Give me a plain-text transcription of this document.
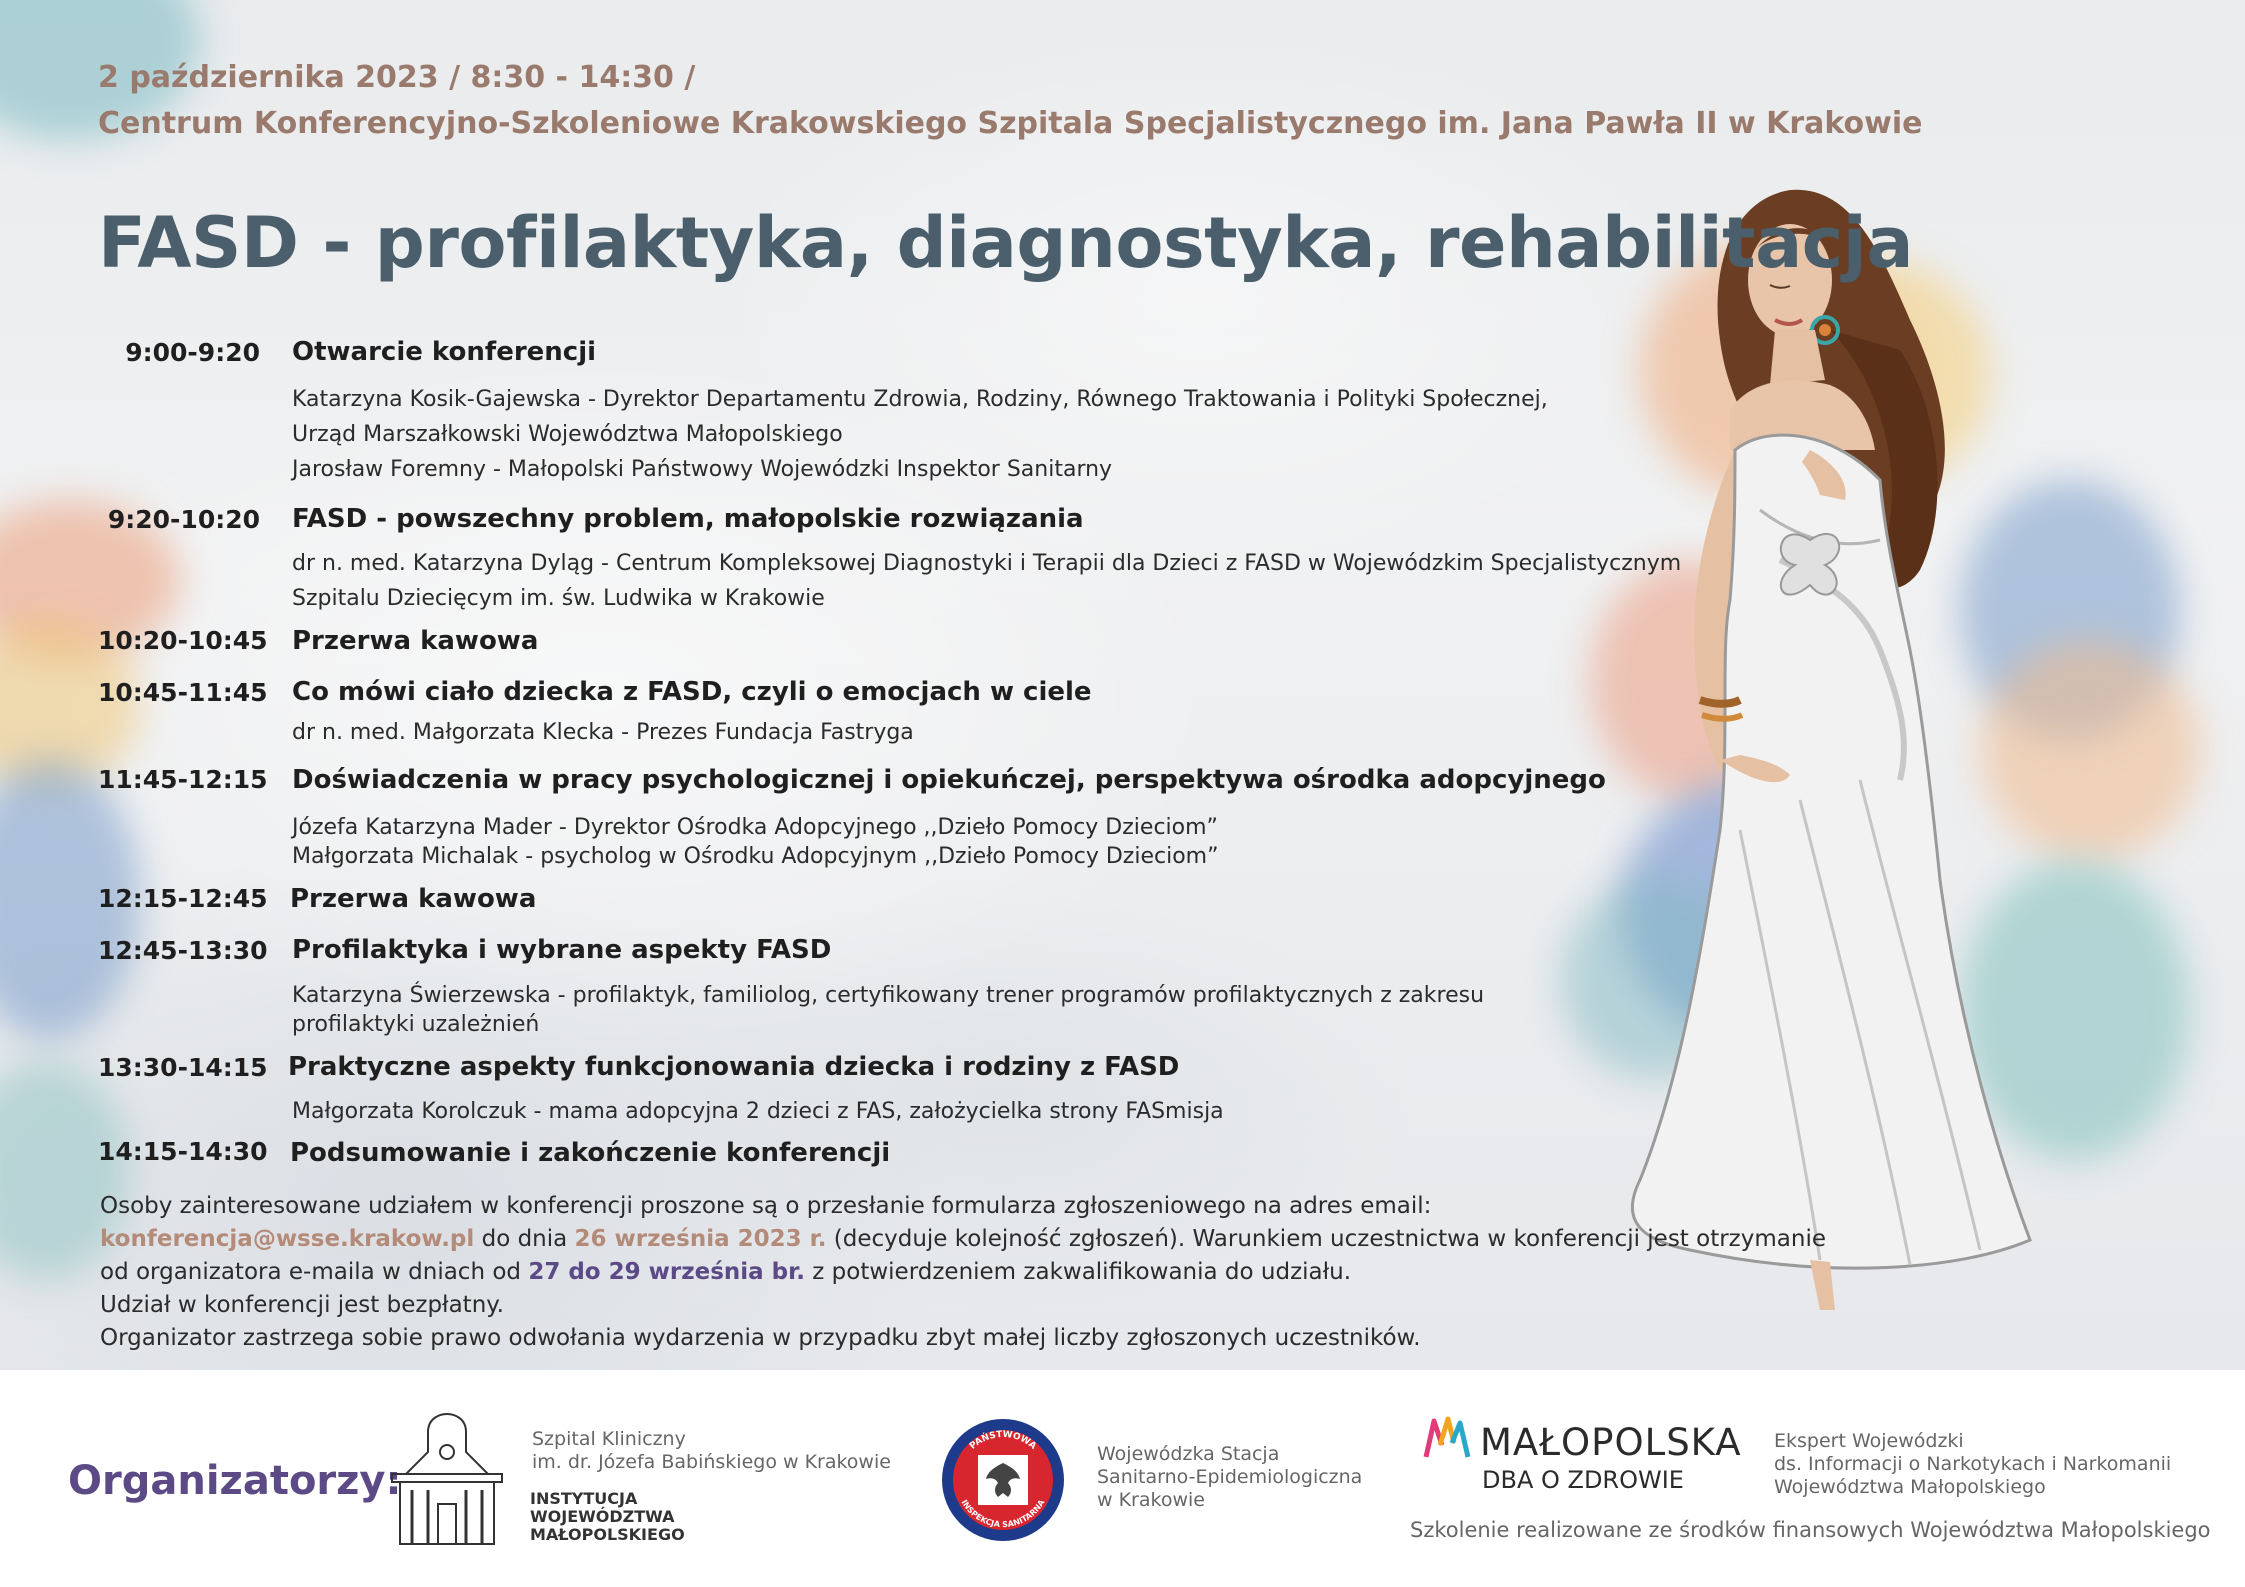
2 października 2023 / 8:30 - 14:30 /
Centrum Konferencyjno-Szkoleniowe Krakowskiego Szpitala Specjalistycznego im. Jana Pawła II w Krakowie
FASD - profilaktyka, diagnostyka, rehabilitacja
9:00-9:20 Otwarcie konferencji
Katarzyna Kosik-Gajewska - Dyrektor Departamentu Zdrowia, Rodziny, Równego Traktowania i Polityki Społecznej,
Urząd Marszałkowski Województwa Małopolskiego
Jarosław Foremny - Małopolski Państwowy Wojewódzki Inspektor Sanitarny
9:20-10:20 FASD - powszechny problem, małopolskie rozwiązania
dr n. med. Katarzyna Dyląg - Centrum Kompleksowej Diagnostyki i Terapii dla Dzieci z FASD w Wojewódzkim Specjalistycznym
Szpitalu Dziecięcym im. św. Ludwika w Krakowie
10:20-10:45 Przerwa kawowa
10:45-11:45 Co mówi ciało dziecka z FASD, czyli o emocjach w ciele
dr n. med. Małgorzata Klecka - Prezes Fundacja Fastryga
11:45-12:15 Doświadczenia w pracy psychologicznej i opiekuńczej, perspektywa ośrodka adopcyjnego
Józefa Katarzyna Mader - Dyrektor Ośrodka Adopcyjnego ,,Dzieło Pomocy Dzieciom”
Małgorzata Michalak - psycholog w Ośrodku Adopcyjnym ,,Dzieło Pomocy Dzieciom”
12:15-12:45 Przerwa kawowa
12:45-13:30 Profilaktyka i wybrane aspekty FASD
Katarzyna Świerzewska - profilaktyk, familiolog, certyfikowany trener programów profilaktycznych z zakresu
profilaktyki uzależnień
13:30-14:15 Praktyczne aspekty funkcjonowania dziecka i rodziny z FASD
Małgorzata Korolczuk - mama adopcyjna 2 dzieci z FAS, założycielka strony FASmisja
14:15-14:30 Podsumowanie i zakończenie konferencji
Osoby zainteresowane udziałem w konferencji proszone są o przesłanie formularza zgłoszeniowego na adres email:
konferencja@wsse.krakow.pl do dnia 26 września 2023 r. (decyduje kolejność zgłoszeń). Warunkiem uczestnictwa w konferencji jest otrzymanie
od organizatora e-maila w dniach od 27 do 29 września br. z potwierdzeniem zakwalifikowania do udziału.
Udział w konferencji jest bezpłatny.
Organizator zastrzega sobie prawo odwołania wydarzenia w przypadku zbyt małej liczby zgłoszonych uczestników.
Organizatorzy:
Szpital Kliniczny
im. dr. Józefa Babińskiego w Krakowie
INSTYTUCJA
WOJEWÓDZTWA
MAŁOPOLSKIEGO
PAŃSTWOWA
INSPEKCJA SANITARNA
Wojewódzka Stacja
Sanitarno-Epidemiologiczna
w Krakowie
MAŁOPOLSKA
DBA O ZDROWIE
Ekspert Wojewódzki
ds. Informacji o Narkotykach i Narkomanii
Województwa Małopolskiego
Szkolenie realizowane ze środków finansowych Województwa Małopolskiego
